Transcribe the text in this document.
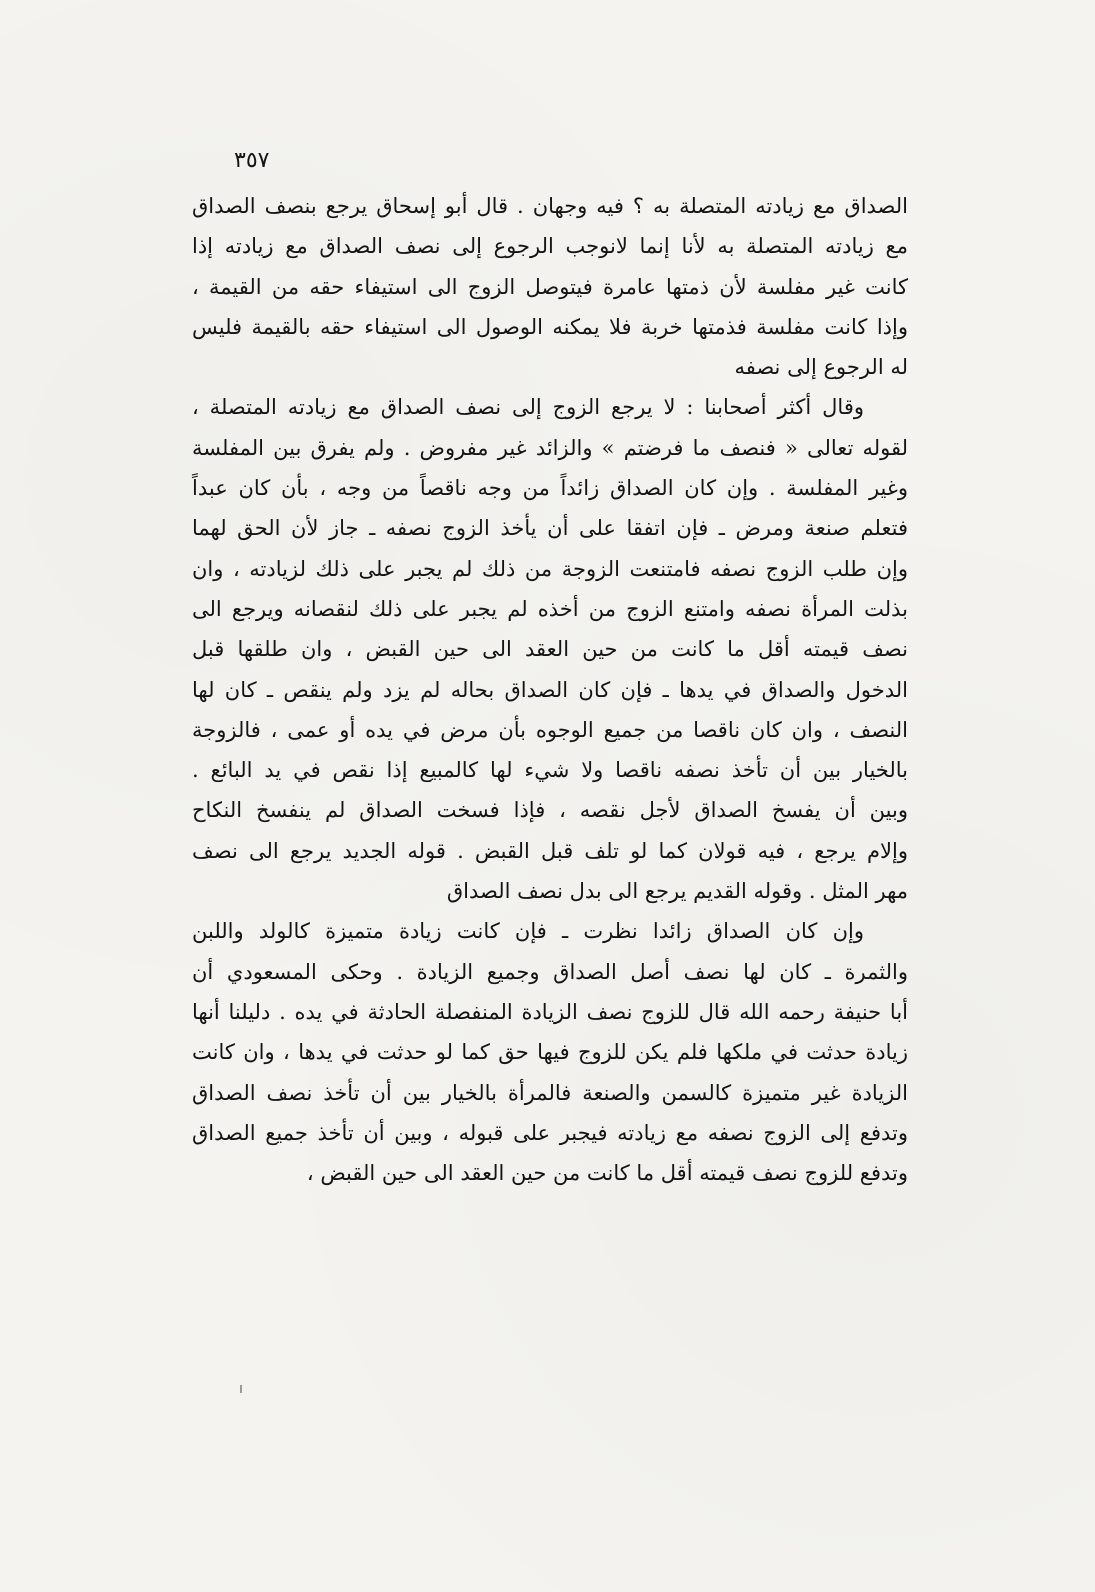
٣٥٧

الصداق مع زيادته المتصلة به ؟ فيه وجهان . قال أبو إسحاق يرجع بنصف الصداق
مع زيادته المتصلة به لأنا إنما لانوجب الرجوع إلى نصف الصداق مع زيادته إذا
كانت غير مفلسة لأن ذمتها عامرة فيتوصل الزوج الى استيفاء حقه من القيمة ،
وإذا كانت مفلسة فذمتها خربة فلا يمكنه الوصول الى استيفاء حقه بالقيمة فليس
له الرجوع إلى نصفه

وقال أكثر أصحابنا : لا يرجع الزوج إلى نصف الصداق مع زيادته المتصلة ،
لقوله تعالى « فنصف ما فرضتم » والزائد غير مفروض . ولم يفرق بين المفلسة
وغير المفلسة . وإن كان الصداق زائداً من وجه ناقصاً من وجه ، بأن كان عبداً
فتعلم صنعة ومرض ـ فإن اتفقا على أن يأخذ الزوج نصفه ـ جاز لأن الحق لهما
وإن طلب الزوج نصفه فامتنعت الزوجة من ذلك لم يجبر على ذلك لزيادته ، وان
بذلت المرأة نصفه وامتنع الزوج من أخذه لم يجبر على ذلك لنقصانه ويرجع الى
نصف قيمته أقل ما كانت من حين العقد الى حين القبض ، وان طلقها قبل
الدخول والصداق في يدها ـ فإن كان الصداق بحاله لم يزد ولم ينقص ـ كان لها
النصف ، وان كان ناقصا من جميع الوجوه بأن مرض في يده أو عمى ، فالزوجة
بالخيار بين أن تأخذ نصفه ناقصا ولا شيء لها كالمبيع إذا نقص في يد البائع .
وبين أن يفسخ الصداق لأجل نقصه ، فإذا فسخت الصداق لم ينفسخ النكاح
وإلام يرجع ، فيه قولان كما لو تلف قبل القبض . قوله الجديد يرجع الى نصف
مهر المثل . وقوله القديم يرجع الى بدل نصف الصداق

وإن كان الصداق زائدا نظرت ـ فإن كانت زيادة متميزة كالولد واللبن
والثمرة ـ كان لها نصف أصل الصداق وجميع الزيادة . وحكى المسعودي أن
أبا حنيفة رحمه الله قال للزوج نصف الزيادة المنفصلة الحادثة في يده . دليلنا أنها
زيادة حدثت في ملكها فلم يكن للزوج فيها حق كما لو حدثت في يدها ، وان كانت
الزيادة غير متميزة كالسمن والصنعة فالمرأة بالخيار بين أن تأخذ نصف الصداق
وتدفع إلى الزوج نصفه مع زيادته فيجبر على قبوله ، وبين أن تأخذ جميع الصداق
وتدفع للزوج نصف قيمته أقل ما كانت من حين العقد الى حين القبض ،
